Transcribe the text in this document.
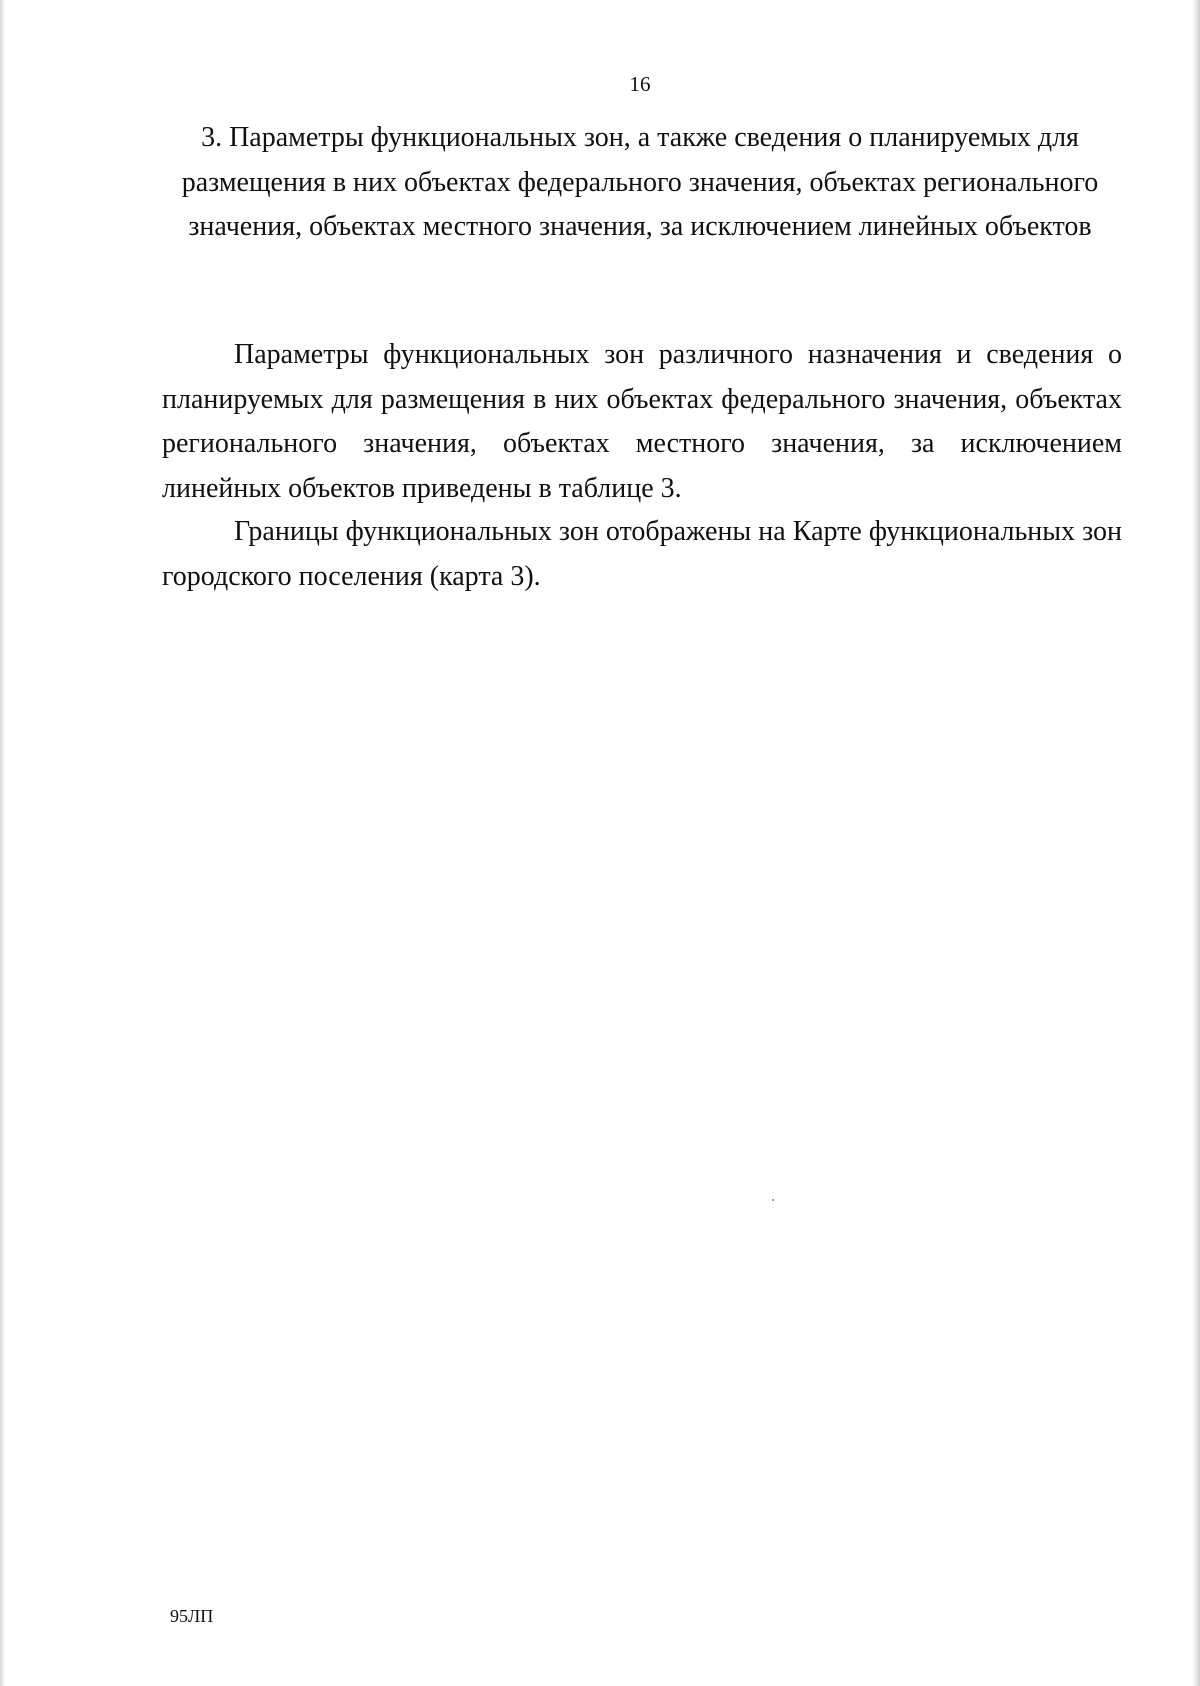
16
3. Параметры функциональных зон, а также сведения о планируемых для размещения в них объектах федерального значения, объектах регионального значения, объектах местного значения, за исключением линейных объектов

Параметры функциональных зон различного назначения и сведения о планируемых для размещения в них объектах федерального значения, объектах регионального значения, объектах местного значения, за исключением линейных объектов приведены в таблице 3.

Границы функциональных зон отображены на Карте функциональных зон городского поселения (карта 3).

95ЛП
